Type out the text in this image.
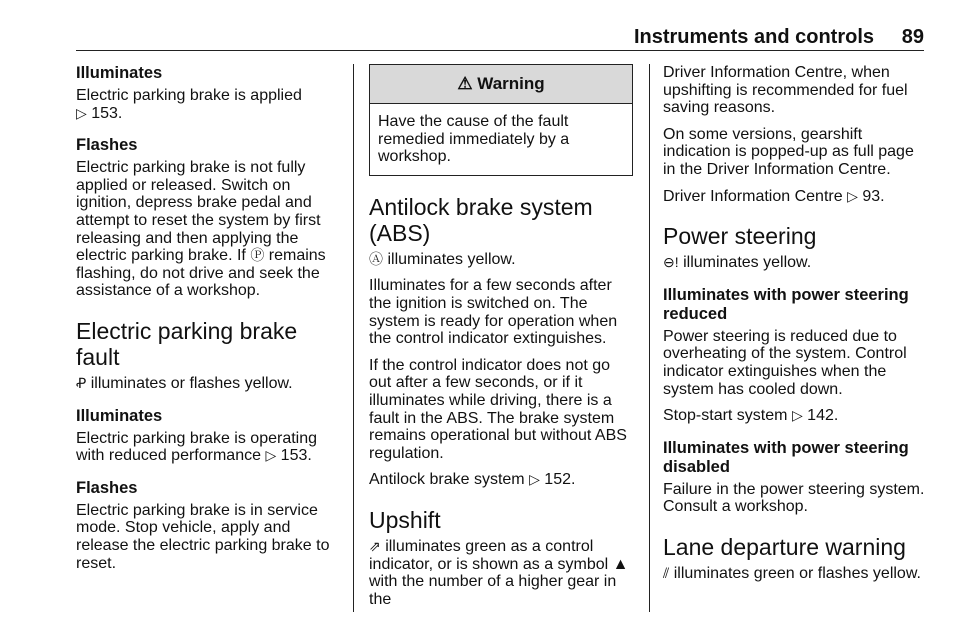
Instruments and controls 89
Illuminates

Electric parking brake is applied
▷ 153.

Flashes

Electric parking brake is not fully applied or released. Switch on ignition, depress brake pedal and attempt to reset the system by first releasing and then applying the electric parking brake. If Ⓟ remains flashing, do not drive and seek the assistance of a workshop.

Electric parking brake fault

Ꝓ illuminates or flashes yellow.

Illuminates

Electric parking brake is operating with reduced performance ▷ 153.

Flashes

Electric parking brake is in service mode. Stop vehicle, apply and release the electric parking brake to reset.

⚠ Warning
Have the cause of the fault remedied immediately by a workshop.
Antilock brake system (ABS)

Ⓐ illuminates yellow.

Illuminates for a few seconds after the ignition is switched on. The system is ready for operation when the control indicator extinguishes.

If the control indicator does not go out after a few seconds, or if it illuminates while driving, there is a fault in the ABS. The brake system remains operational but without ABS regulation.

Antilock brake system ▷ 152.

Upshift

⇗ illuminates green as a control indicator, or is shown as a symbol ▲ with the number of a higher gear in the

Driver Information Centre, when upshifting is recommended for fuel saving reasons.

On some versions, gearshift indication is popped-up as full page in the Driver Information Centre.

Driver Information Centre ▷ 93.

Power steering

⊖! illuminates yellow.

Illuminates with power steering reduced

Power steering is reduced due to overheating of the system. Control indicator extinguishes when the system has cooled down.

Stop-start system ▷ 142.

Illuminates with power steering disabled

Failure in the power steering system. Consult a workshop.

Lane departure warning

⫽ illuminates green or flashes yellow.
